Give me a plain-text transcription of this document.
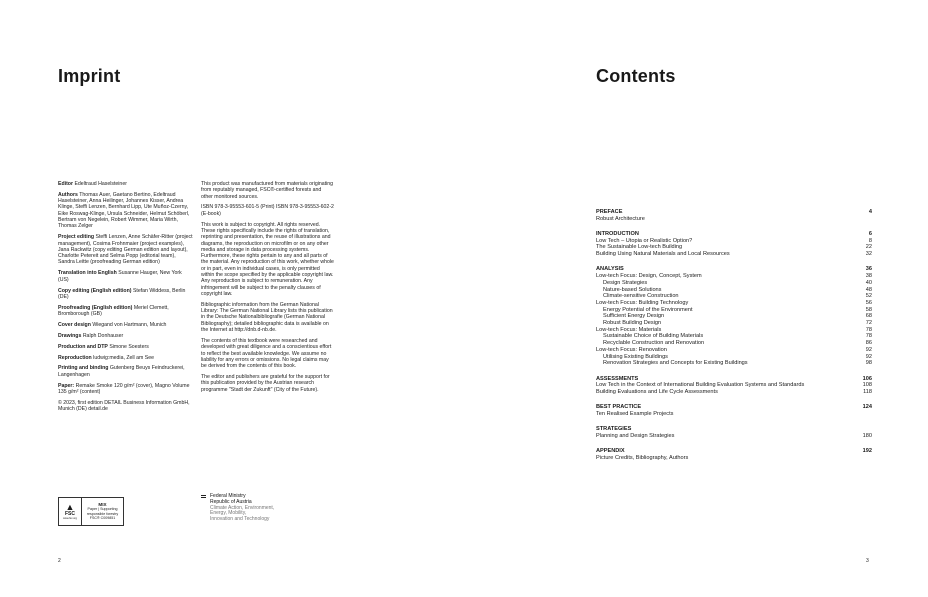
Imprint
Editor Edeltraud Haselsteiner
Authors Thomas Auer, Gaetano Bertino, Edeltraud Haselsteiner, Anna Heilinger, Johannes Kisser, Andrea Klinge, Steffi Lenzen, Bernhard Lipp, Ute Muñoz-Czerny, Eike Roswag-Klinge, Ursula Schneider, Helmut Schöberl, Bertram von Negelein, Robert Wimmer, Maria Wirth, Thomas Zelger
Project editing Steffi Lenzen, Anne Schäfer-Ritter (project management), Cosima Frohnmaier (project examples), Jana Rackwitz (copy editing German edition and layout), Charlotte Petereit and Selma Popp (editorial team), Sandra Leitte (proofreading German edition)
Translation into English Susanne Hauger, New York (US)
Copy editing (English edition) Stefan Widdess, Berlin (DE)
Proofreading (English edition) Meriel Clemett, Bromborough (GB)
Cover design Wiegand von Hartmann, Munich
Drawings Ralph Donhauser
Production and DTP Simone Soesters
Reproduction ludwig:media, Zell am See
Printing and binding Gutenberg Beuys Feindruckerei, Langenhagen
Paper: Remake Smoke 120 g/m² (cover), Magno Volume 135 g/m² (content)
© 2023, first edition DETAIL Business Information GmbH, Munich (DE) detail.de
This product was manufactured from materials originating from reputably managed, FSC®-certified forests and other monitored sources.
ISBN 978-3-95553-601-5 (Print) ISBN 978-3-95553-602-2 (E-book)
This work is subject to copyright. All rights reserved. These rights specifically include the rights of translation, reprinting and presentation, the reuse of illustrations and diagrams, the reproduction on microfilm or on any other media and storage in data processing systems. Furthermore, these rights pertain to any and all parts of the material. Any reproduction of this work, whether whole or in part, even in individual cases, is only permitted within the scope specified by the applicable copyright law. Any reproduction is subject to remuneration. Any infringement will be subject to the penalty clauses of copyright law.
Bibliographic information from the German National Library: The German National Library lists this publication in the Deutsche Nationalbibliografie (German National Bibliography); detailed bibliographic data is available on the Internet at http://dnb.d-nb.de.
The contents of this textbook were researched and developed with great diligence and a conscientious effort to reflect the best available knowledge. We assume no liability for any errors or omissions. No legal claims may be derived from the contents of this book.
The editor and publishers are grateful for the support for this publication provided by the Austrian research programme "Stadt der Zukunft" (City of the Future).
▲
FSC
www.fsc.org
MIX
Paper | Supporting
responsible forestry
FSC® C009851
Federal Ministry
Republic of Austria
Climate Action, Environment,
Energy, Mobility,
Innovation and Technology
2
Contents
PREFACE	4
Robust Architecture
INTRODUCTION	6
Low Tech – Utopia or Realistic Option?	8
The Sustainable Low-tech Building	22
Building Using Natural Materials and Local Resources	32
ANALYSIS	36
Low-tech Focus: Design, Concept, System	38
Design Strategies	40
Nature-based Solutions	48
Climate-sensitive Construction	52
Low-tech Focus: Building Technology	56
Energy Potential of the Environment	58
Sufficient Energy Design	68
Robust Building Design	72
Low-tech Focus: Materials	78
Sustainable Choice of Building Materials	78
Recyclable Construction and Renovation	86
Low-tech Focus: Renovation	92
Utilising Existing Buildings	92
Renovation Strategies and Concepts for Existing Buildings	98
ASSESSMENTS	106
Low Tech in the Context of International Building Evaluation Systems and Standards	108
Building Evaluations and Life Cycle Assessments	118
BEST PRACTICE	124
Ten Realised Example Projects
STRATEGIES
Planning and Design Strategies	180
APPENDIX	192
Picture Credits, Bibliography, Authors
3
